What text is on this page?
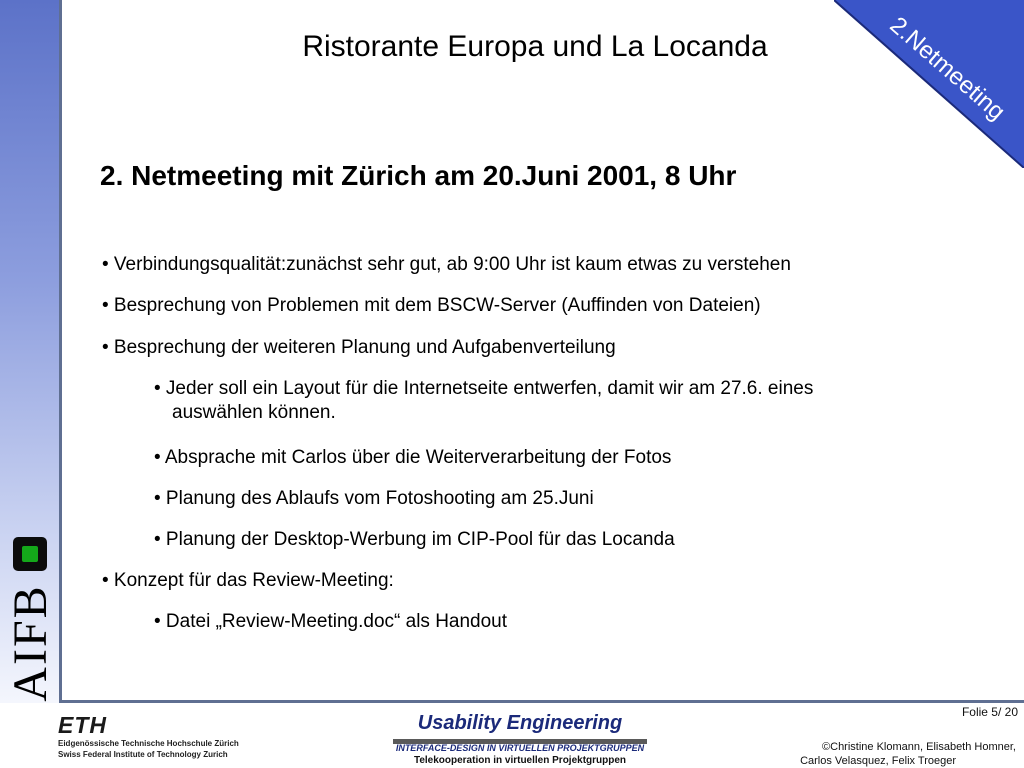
AIFB
2.Netmeeting
Ristorante Europa und La Locanda
2. Netmeeting mit Zürich am 20.Juni 2001, 8 Uhr
• Verbindungsqualität:zunächst sehr gut, ab 9:00 Uhr ist kaum etwas zu verstehen
• Besprechung von Problemen mit dem BSCW-Server (Auffinden von Dateien)
• Besprechung der weiteren Planung und Aufgabenverteilung
• Jeder soll ein Layout für die Internetseite entwerfen, damit wir am 27.6. eines
auswählen können.
• Absprache mit Carlos über die Weiterverarbeitung der Fotos
• Planung des Ablaufs vom Fotoshooting am 25.Juni
• Planung der Desktop-Werbung im CIP-Pool für das Locanda
• Konzept für das Review-Meeting:
• Datei „Review-Meeting.doc“ als Handout
ETH
Eidgenössische Technische Hochschule Zürich
Swiss Federal Institute of Technology Zurich
Usability Engineering
INTERFACE-DESIGN IN VIRTUELLEN PROJEKTGRUPPEN
Telekooperation in virtuellen Projektgruppen
Folie 5/ 20
©Christine Klomann, Elisabeth Homner,
Carlos Velasquez, Felix Troeger
